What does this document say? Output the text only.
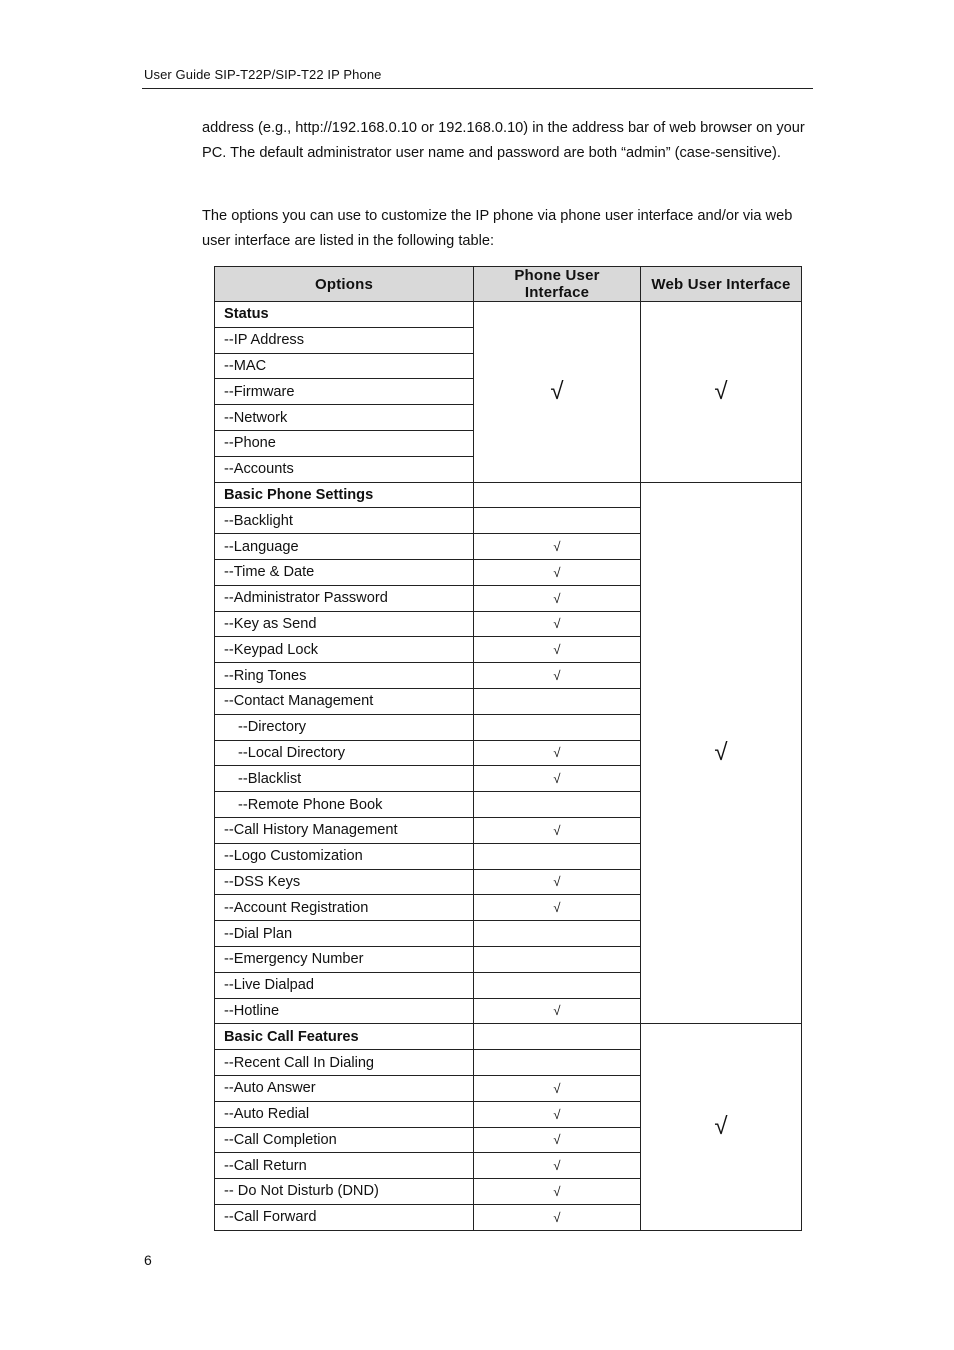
User Guide SIP-T22P/SIP-T22 IP Phone
address (e.g., http://192.168.0.10 or 192.168.0.10) in the address bar of web browser on your PC. The default administrator user name and password are both “admin” (case-sensitive).
The options you can use to customize the IP phone via phone user interface and/or via web user interface are listed in the following table:
Options	Phone User Interface	Web User Interface
Status	√	√
--IP Address		
--MAC		
--Firmware		
--Network		
--Phone		
--Accounts		
Basic Phone Settings		√
--Backlight		
--Language	√	
--Time & Date	√	
--Administrator Password	√	
--Key as Send	√	
--Keypad Lock	√	
--Ring Tones	√	
--Contact Management		
--Directory		
--Local Directory	√	
--Blacklist	√	
--Remote Phone Book		
--Call History Management	√	
--Logo Customization		
--DSS Keys	√	
--Account Registration	√	
--Dial Plan		
--Emergency Number		
--Live Dialpad		
--Hotline	√	
Basic Call Features		√
--Recent Call In Dialing		
--Auto Answer	√	
--Auto Redial	√	
--Call Completion	√	
--Call Return	√	
-- Do Not Disturb (DND)	√	
--Call Forward	√	
6
